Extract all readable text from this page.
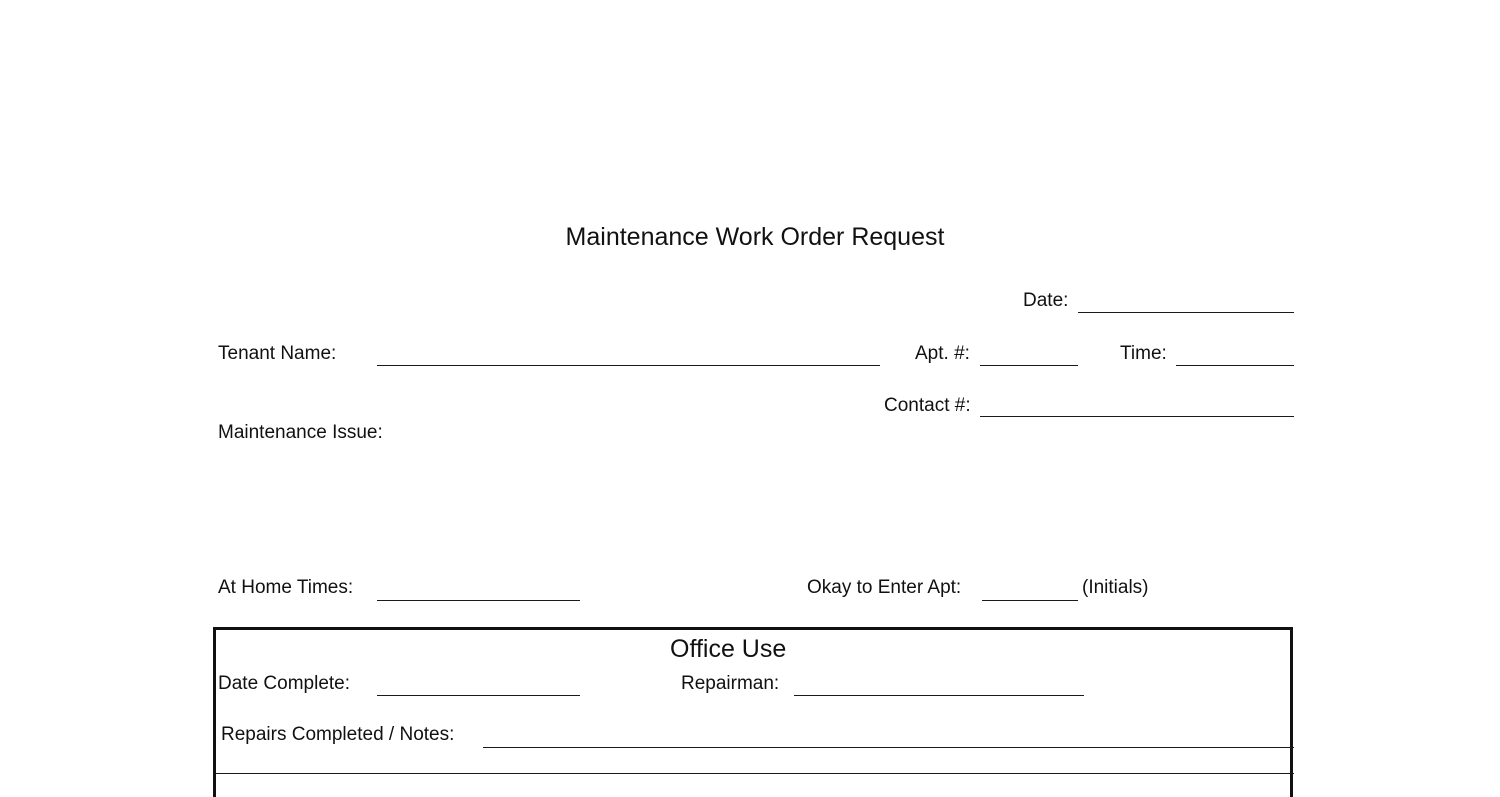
Maintenance Work Order Request
Date:
Tenant Name:	Apt. #:	Time:
Contact #:
Maintenance Issue:
At Home Times:	Okay to Enter Apt:	(Initials)
Office Use
Date Complete:	Repairman:
Repairs Completed / Notes:
